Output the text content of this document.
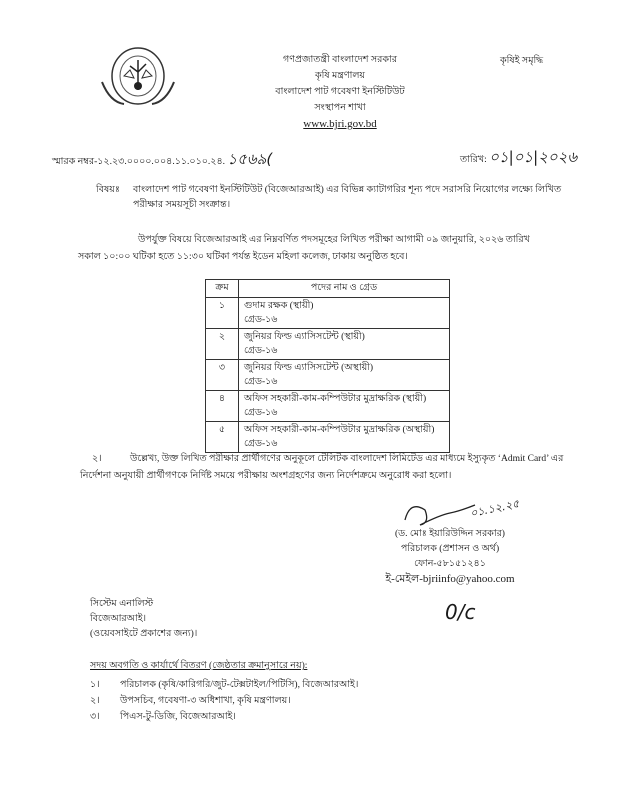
গণপ্রজাতন্ত্রী বাংলাদেশ সরকার
কৃষি মন্ত্রণালয়
বাংলাদেশ পাট গবেষণা ইনস্টিটিউট
সংস্থাপন শাখা
www.bjri.gov.bd
কৃষিই সমৃদ্ধি
স্মারক নম্বর-১২.২৩.০০০০.০০৪.১১.০১০.২৪. ১৫৬৯(	তারিখ: ০১|০১|২০২৬
বিষয়ঃ বাংলাদেশ পাট গবেষণা ইনস্টিটিউট (বিজেআরআই) এর বিভিন্ন ক্যাটাগরির শূন্য পদে সরাসরি নিয়োগের লক্ষ্যে লিখিত পরীক্ষার সময়সূচী সংক্রান্ত।
উপর্যুক্ত বিষয়ে বিজেআরআই এর নিম্নবর্ণিত পদসমূহের লিখিত পরীক্ষা আগামী ০৯ জানুয়ারি, ২০২৬ তারিখ সকাল ১০:০০ ঘটিকা হতে ১১:৩০ ঘটিকা পর্যন্ত ইডেন মহিলা কলেজ, ঢাকায় অনুষ্ঠিত হবে।
ক্রম	পদের নাম ও গ্রেড
১	গুদাম রক্ষক (স্থায়ী)
গ্রেড-১৬

২	জুনিয়র ফিল্ড এ্যাসিসটেন্ট (স্থায়ী)
গ্রেড-১৬

৩	জুনিয়র ফিল্ড এ্যাসিসটেন্ট (অস্থায়ী)
গ্রেড-১৬

৪	অফিস সহকারী-কাম-কম্পিউটার মুদ্রাক্ষরিক (স্থায়ী)
গ্রেড-১৬

৫	অফিস সহকারী-কাম-কম্পিউটার মুদ্রাক্ষরিক (অস্থায়ী)
গ্রেড-১৬
২।	উল্লেখ্য, উক্ত লিখিত পরীক্ষার প্রার্থীগণের অনুকূলে টেলিটক বাংলাদেশ লিমিটেড এর মাধ্যমে ইস্যুকৃত ‘Admit Card’ এর নির্দেশনা অনুযায়ী প্রার্থীগণকে নির্দিষ্ট সময়ে পরীক্ষায় অংশগ্রহণের জন্য নির্দেশক্রমে অনুরোধ করা হলো।
০১.১২.২৫
(ড. মোঃ ইয়ারিউদ্দিন সরকার)
পরিচালক (প্রশাসন ও অর্থ)
ফোন-৫৮১৫১২৪১
ই-মেইল-bjriinfo@yahoo.com
0/c
সিস্টেম এনালিস্ট
বিজেআরআই।
(ওয়েবসাইটে প্রকাশের জন্য)।
সদয় অবগতি ও কার্যার্থে বিতরণ (জেষ্ঠতার ক্রমানুসারে নয়):
১। পরিচালক (কৃষি/কারিগরি/জুট-টেক্সটাইল/পিটিসি), বিজেআরআই।
২। উপসচিব, গবেষণা-৩ অধিশাখা, কৃষি মন্ত্রণালয়।
৩। পিএস-টু-ডিজি, বিজেআরআই।
